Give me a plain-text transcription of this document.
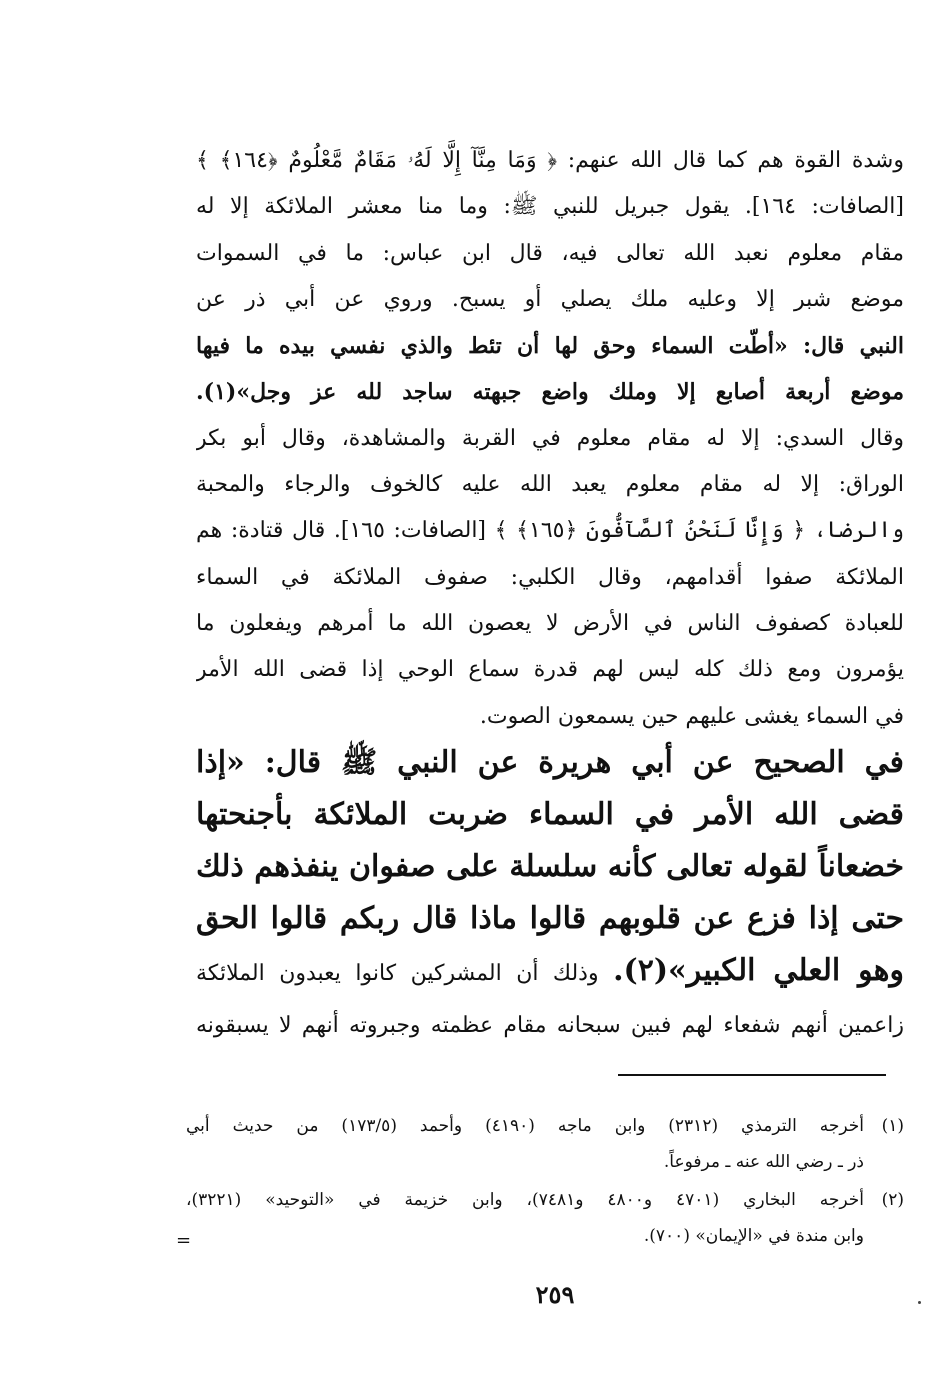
وشدة القوة هم كما قال الله عنهم: ﴿ وَمَا مِنَّآ إِلَّا لَهُۥ مَقَامٌ مَّعْلُومٌ ﴿١٦٤﴾ ﴾
[الصافات: ١٦٤]. يقول جبريل للنبي ﷺ: وما منا معشر الملائكة إلا له
مقام معلوم نعبد الله تعالى فيه، قال ابن عباس: ما في السموات
موضع شبر إلا وعليه ملك يصلي أو يسبح. وروي عن أبي ذر عن
النبي قال: «أطّت السماء وحق لها أن تئط والذي نفسي بيده ما فيها
موضع أربعة أصابع إلا وملك واضع جبهته ساجد لله عز وجل»(١).
وقال السدي: إلا له مقام معلوم في القربة والمشاهدة، وقال أبو بكر
الوراق: إلا له مقام معلوم يعبد الله عليه كالخوف والرجاء والمحبة
والرضا، ﴿ وَإِنَّا لَنَحْنُ ٱلصَّآفُّونَ ﴿١٦٥﴾ ﴾ [الصافات: ١٦٥]. قال قتادة: هم
الملائكة صفوا أقدامهم، وقال الكلبي: صفوف الملائكة في السماء
للعبادة كصفوف الناس في الأرض لا يعصون الله ما أمرهم ويفعلون ما
يؤمرون ومع ذلك كله ليس لهم قدرة سماع الوحي إذا قضى الله الأمر
في السماء يغشى عليهم حين يسمعون الصوت.
في الصحيح عن أبي هريرة عن النبي ﷺ قال: «إذا
قضى الله الأمر في السماء ضربت الملائكة بأجنحتها
خضعاناً لقوله تعالى كأنه سلسلة على صفوان ينفذهم ذلك
حتى إذا فزع عن قلوبهم قالوا ماذا قال ربكم قالوا الحق
وهو العلي الكبير»(٢). وذلك أن المشركين كانوا يعبدون الملائكة
زاعمين أنهم شفعاء لهم فبين سبحانه مقام عظمته وجبروته أنهم لا يسبقونه
(١)
أخرجه الترمذي (٢٣١٢) وابن ماجه (٤١٩٠) وأحمد (١٧٣/٥) من حديث أبي
ذر ـ رضي الله عنه ـ مرفوعاً.
(٢)
أخرجه البخاري (٤٧٠١ و٤٨٠٠ و٧٤٨١)، وابن خزيمة في «التوحيد» (٣٢٢١)،
وابن مندة في «الإيمان» (٧٠٠).
=
٢٥٩
